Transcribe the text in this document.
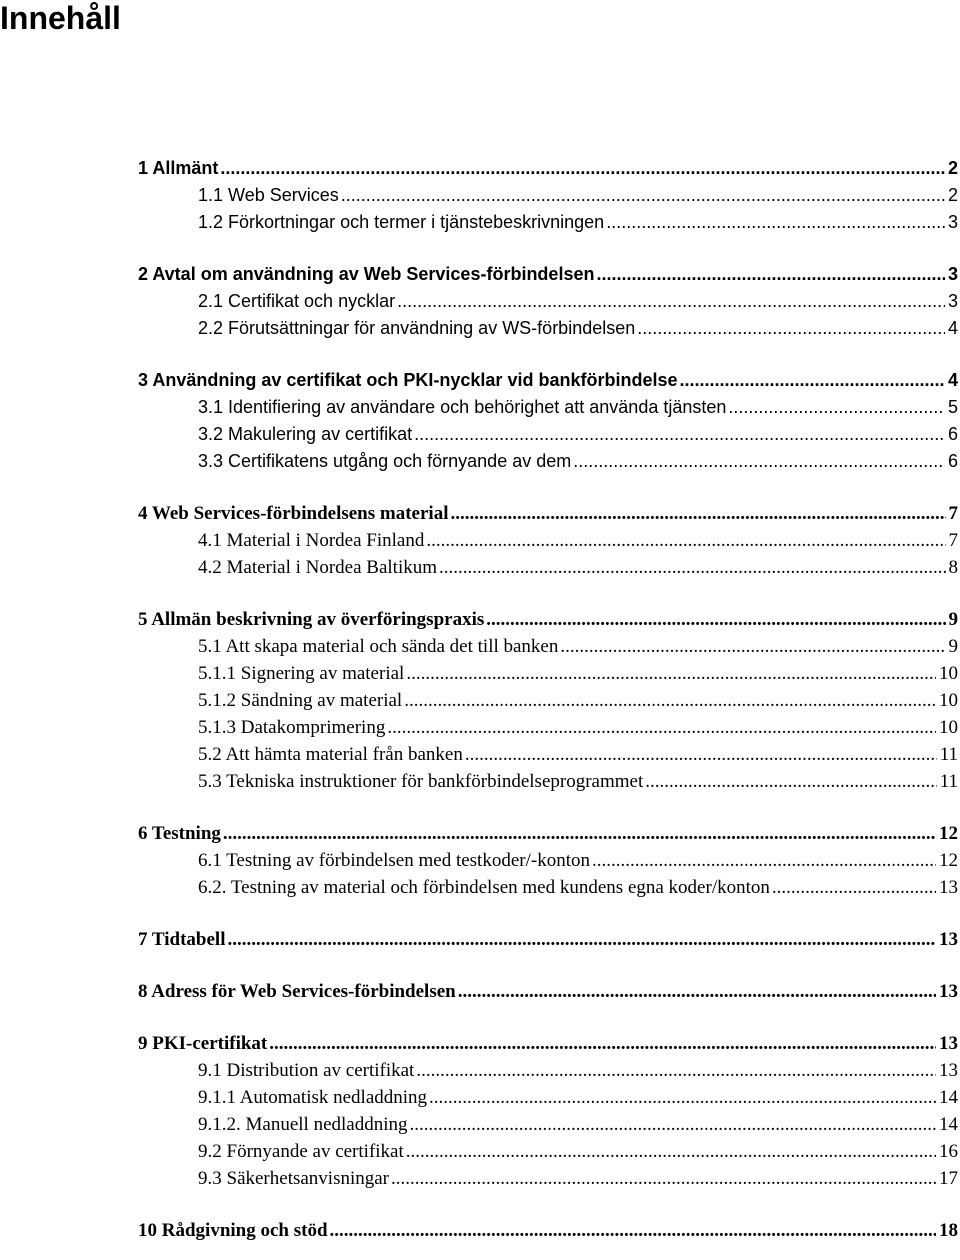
Innehåll
1 Allmänt .....	2
1.1 Web Services .....	2
1.2 Förkortningar och termer i tjänstebeskrivningen .....	3
2 Avtal om användning av Web Services-förbindelsen .....	3
2.1 Certifikat och nycklar .....	3
2.2 Förutsättningar för användning av WS-förbindelsen .....	4
3 Användning av certifikat och PKI-nycklar vid bankförbindelse .....	4
3.1 Identifiering av användare och behörighet att använda tjänsten .....	5
3.2 Makulering av certifikat .....	6
3.3 Certifikatens utgång och förnyande av dem .....	6
4 Web Services-förbindelsens material .....	7
4.1 Material i Nordea Finland .....	7
4.2 Material i Nordea Baltikum .....	8
5 Allmän beskrivning av överföringspraxis .....	9
5.1 Att skapa material och sända det till banken .....	9
5.1.1 Signering av material .....	10
5.1.2 Sändning av material .....	10
5.1.3 Datakomprimering .....	10
5.2 Att hämta material från banken .....	11
5.3 Tekniska instruktioner för bankförbindelseprogrammet .....	11
6 Testning .....	12
6.1 Testning av förbindelsen med testkoder/-konton .....	12
6.2. Testning av material och förbindelsen med kundens egna koder/konton .....	13
7 Tidtabell .....	13
8 Adress för Web Services-förbindelsen .....	13
9 PKI-certifikat .....	13
9.1 Distribution av certifikat .....	13
9.1.1 Automatisk nedladdning .....	14
9.1.2. Manuell nedladdning .....	14
9.2 Förnyande av certifikat .....	16
9.3 Säkerhetsanvisningar .....	17
10 Rådgivning och stöd .....	18
